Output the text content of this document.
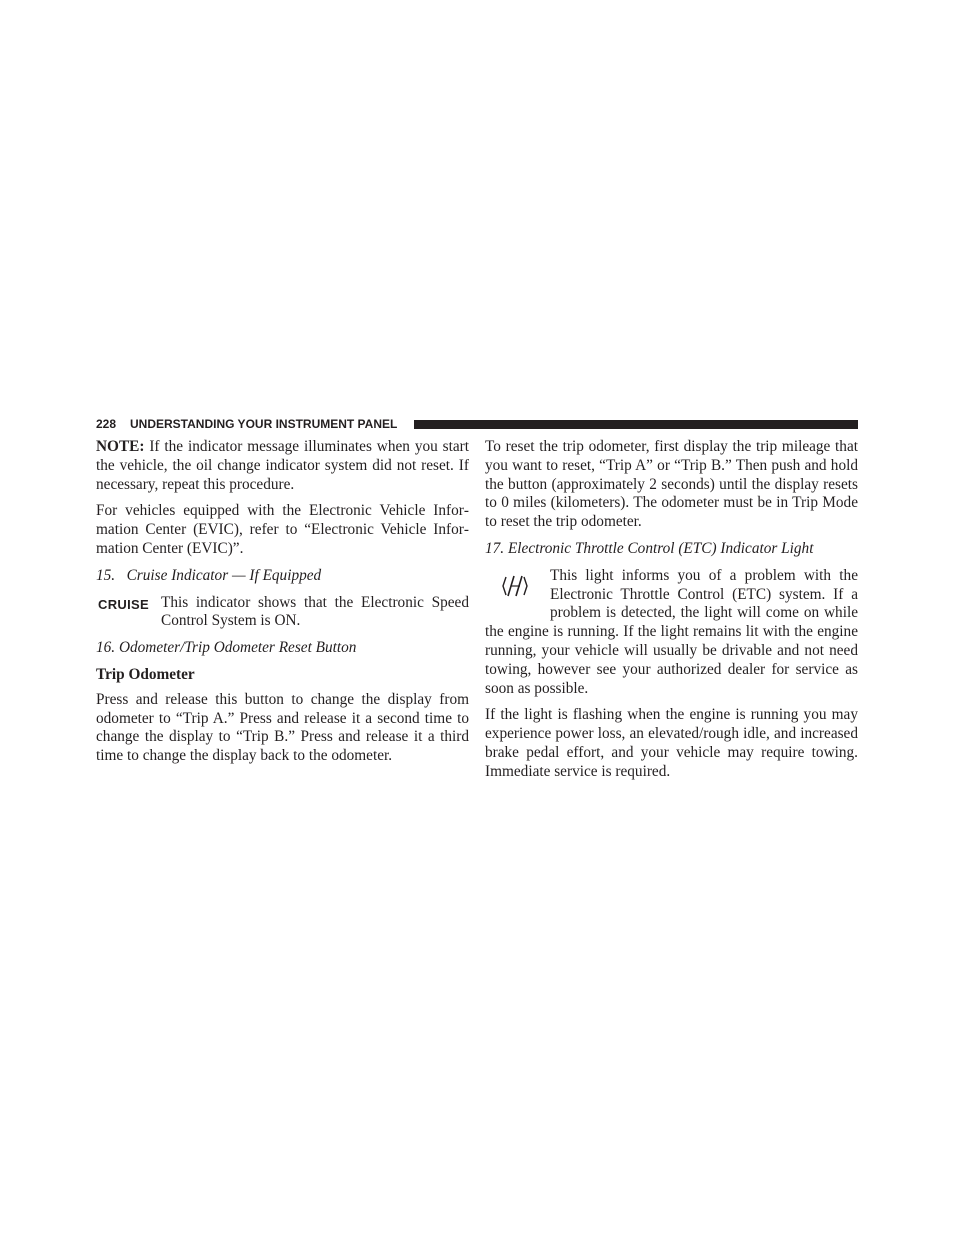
228 UNDERSTANDING YOUR INSTRUMENT PANEL

NOTE: If the indicator message illuminates when you start the vehicle, the oil change indicator system did not reset. If necessary, repeat this procedure.

For vehicles equipped with the Electronic Vehicle Information Center (EVIC), refer to “Electronic Vehicle Information Center (EVIC)”.

15.   Cruise Indicator — If Equipped

CRUISE This indicator shows that the Electronic Speed Control System is ON.

16. Odometer/Trip Odometer Reset Button

Trip Odometer

Press and release this button to change the display from odometer to “Trip A.” Press and release it a second time to change the display to “Trip B.” Press and release it a third time to change the display back to the odometer.

To reset the trip odometer, first display the trip mileage that you want to reset, “Trip A” or “Trip B.” Then push and hold the button (approximately 2 seconds) until the display resets to 0 miles (kilometers). The odometer must be in Trip Mode to reset the trip odometer.

17. Electronic Throttle Control (ETC) Indicator Light

This light informs you of a problem with the Electronic Throttle Control (ETC) system. If a problem is detected, the light will come on while the engine is running. If the light remains lit with the engine running, your vehicle will usually be drivable and not need towing, however see your authorized dealer for service as soon as possible.

If the light is flashing when the engine is running you may experience power loss, an elevated/rough idle, and increased brake pedal effort, and your vehicle may require towing. Immediate service is required.
